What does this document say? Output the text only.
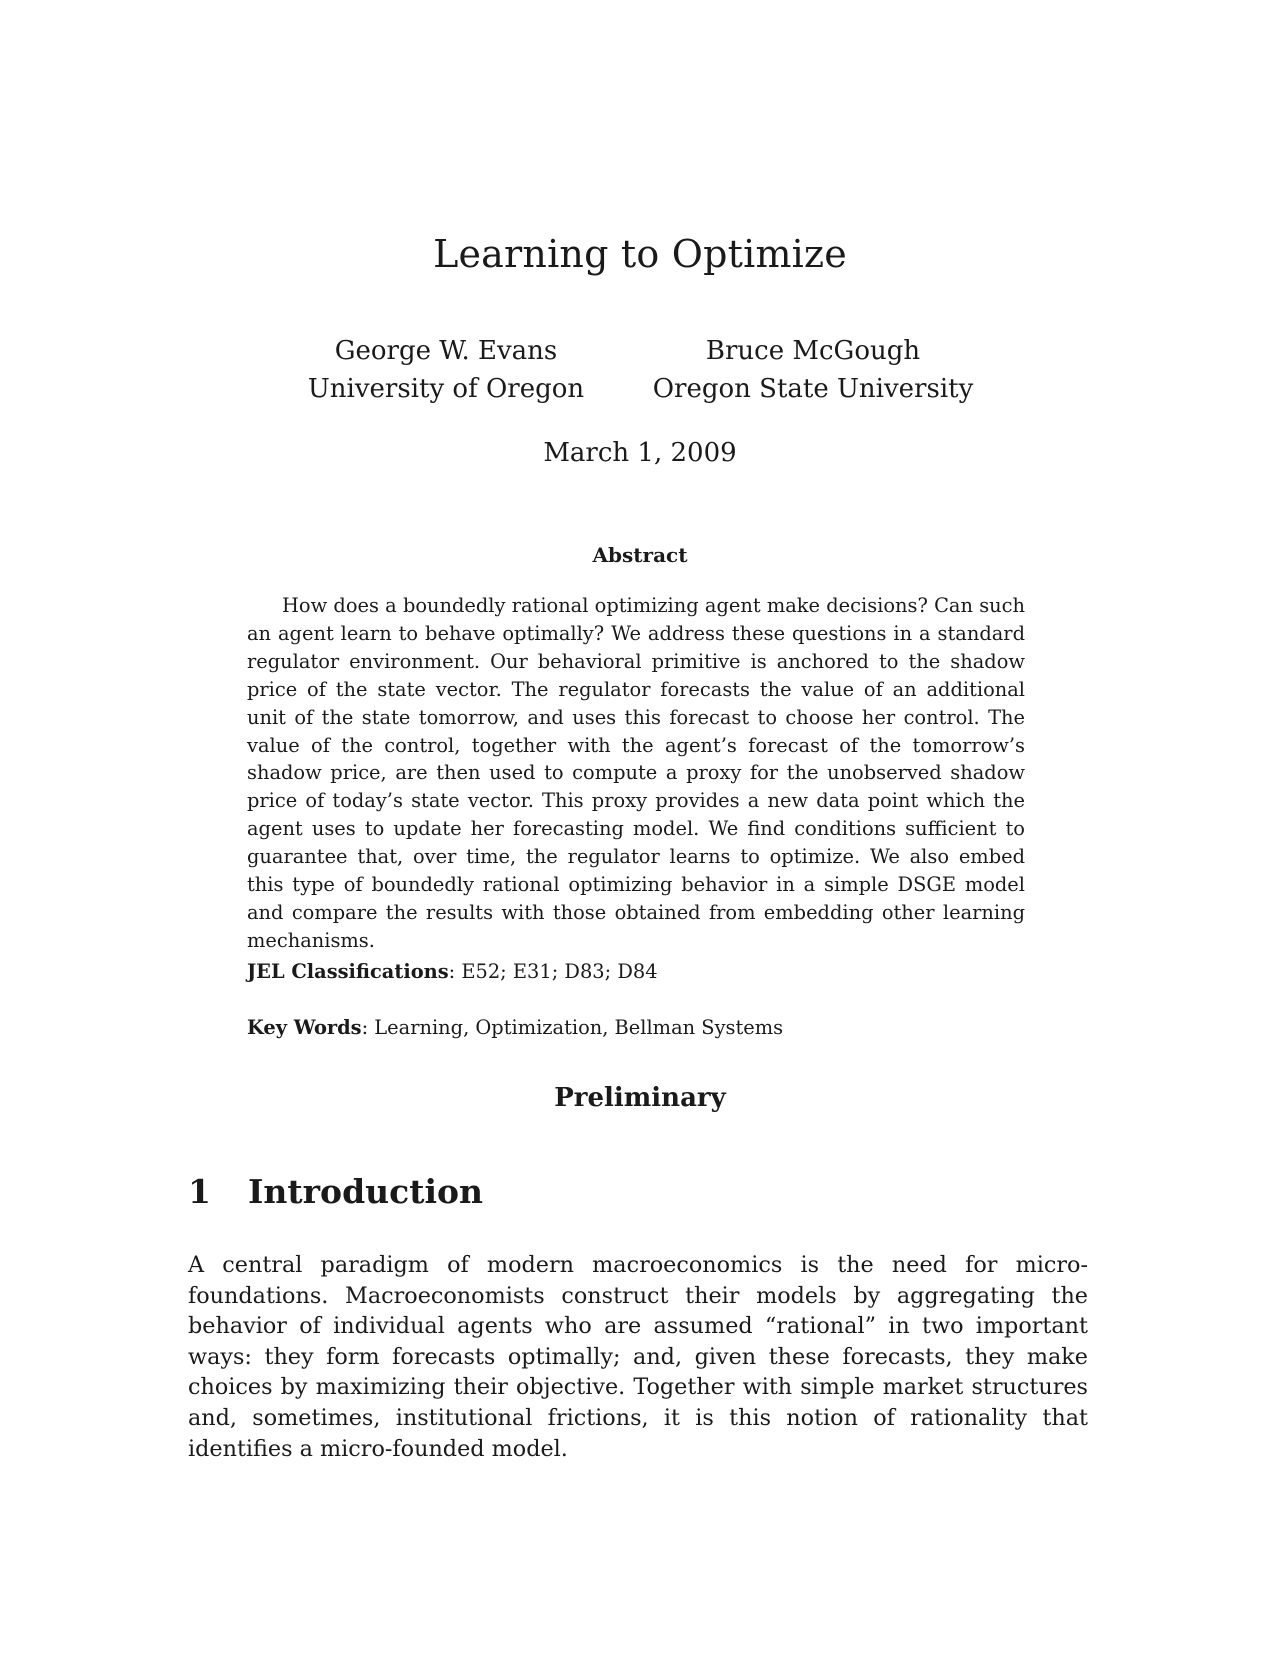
Learning to Optimize
George W. Evans
University of Oregon
Bruce McGough
Oregon State University
March 1, 2009
Abstract

How does a boundedly rational optimizing agent make decisions? Can such an agent learn to behave optimally? We address these questions in a standard regulator environment. Our behavioral primitive is anchored to the shadow price of the state vector. The regulator forecasts the value of an additional unit of the state tomorrow, and uses this forecast to choose her control. The value of the control, together with the agent’s forecast of the tomorrow’s shadow price, are then used to compute a proxy for the unobserved shadow price of today’s state vector. This proxy provides a new data point which the agent uses to update her forecasting model. We find conditions sufficient to guarantee that, over time, the regulator learns to optimize. We also embed this type of boundedly rational optimizing behavior in a simple DSGE model and compare the results with those obtained from embedding other learning mechanisms.

JEL Classifications: E52; E31; D83; D84
Key Words: Learning, Optimization, Bellman Systems
Preliminary
1 Introduction

A central paradigm of modern macroeconomics is the need for micro-foundations. Macroeconomists construct their models by aggregating the behavior of individual agents who are assumed “rational” in two important ways: they form forecasts optimally; and, given these forecasts, they make choices by maximizing their objective. Together with simple market structures and, sometimes, institutional frictions, it is this notion of rationality that identifies a micro-founded model.
